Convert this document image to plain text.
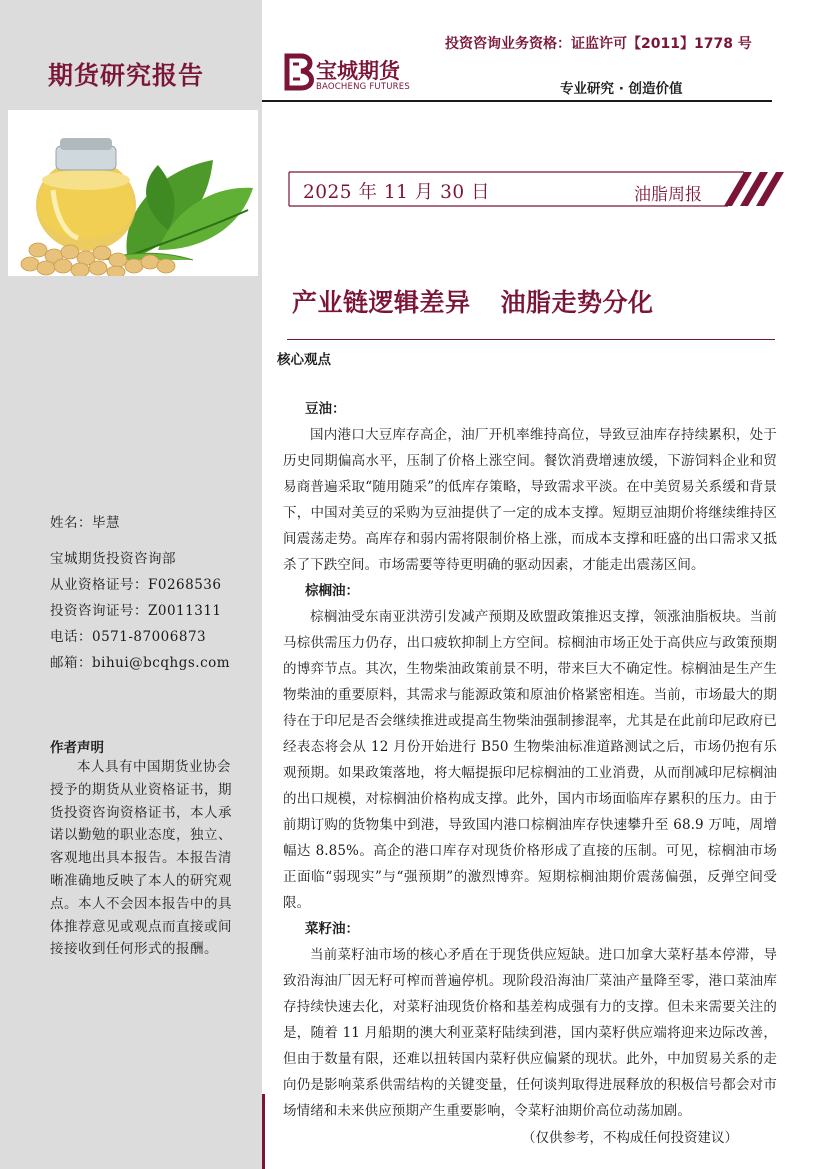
期货研究报告
姓名：毕慧
宝城期货投资咨询部
从业资格证号：F0268536
投资咨询证号：Z0011311
电话：0571-87006873
邮箱：bihui@bcqhgs.com
作者声明
本人具有中国期货业协会授予的期货从业资格证书，期货投资咨询资格证书，本人承诺以勤勉的职业态度，独立、客观地出具本报告。本报告清晰准确地反映了本人的研究观点。本人不会因本报告中的具体推荐意见或观点而直接或间接接收到任何形式的报酬。
投资咨询业务资格：证监许可【2011】1778 号
宝城期货
BAOCHENG FUTURES	专业研究 · 创造价值
2025 年 11 月 30 日	油脂周报
产业链逻辑差异 油脂走势分化
核心观点
豆油：

国内港口大豆库存高企，油厂开机率维持高位，导致豆油库存持续累积，处于历史同期偏高水平，压制了价格上涨空间。餐饮消费增速放缓，下游饲料企业和贸易商普遍采取“随用随采”的低库存策略，导致需求平淡。在中美贸易关系缓和背景下，中国对美豆的采购为豆油提供了一定的成本支撑。短期豆油期价将继续维持区间震荡走势。高库存和弱内需将限制价格上涨，而成本支撑和旺盛的出口需求又抵杀了下跌空间。市场需要等待更明确的驱动因素，才能走出震荡区间。

棕榈油：

棕榈油受东南亚洪涝引发减产预期及欧盟政策推迟支撑，领涨油脂板块。当前马棕供需压力仍存，出口疲软抑制上方空间。棕榈油市场正处于高供应与政策预期的博弈节点。其次，生物柴油政策前景不明，带来巨大不确定性。棕榈油是生产生物柴油的重要原料，其需求与能源政策和原油价格紧密相连。当前，市场最大的期待在于印尼是否会继续推进或提高生物柴油强制掺混率，尤其是在此前印尼政府已经表态将会从 12 月份开始进行 B50 生物柴油标准道路测试之后，市场仍抱有乐观预期。如果政策落地，将大幅提振印尼棕榈油的工业消费，从而削减印尼棕榈油的出口规模，对棕榈油价格构成支撑。此外，国内市场面临库存累积的压力。由于前期订购的货物集中到港，导致国内港口棕榈油库存快速攀升至 68.9 万吨，周增幅达 8.85%。高企的港口库存对现货价格形成了直接的压制。可见，棕榈油市场正面临“弱现实”与“强预期”的激烈博弈。短期棕榈油期价震荡偏强，反弹空间受限。

菜籽油：

当前菜籽油市场的核心矛盾在于现货供应短缺。进口加拿大菜籽基本停滞，导致沿海油厂因无籽可榨而普遍停机。现阶段沿海油厂菜油产量降至零，港口菜油库存持续快速去化，对菜籽油现货价格和基差构成强有力的支撑。但未来需要关注的是，随着 11 月船期的澳大利亚菜籽陆续到港，国内菜籽供应端将迎来边际改善，但由于数量有限，还难以扭转国内菜籽供应偏紧的现状。此外，中加贸易关系的走向仍是影响菜系供需结构的关键变量，任何谈判取得进展释放的积极信号都会对市场情绪和未来供应预期产生重要影响，令菜籽油期价高位动荡加剧。

（仅供参考，不构成任何投资建议）
